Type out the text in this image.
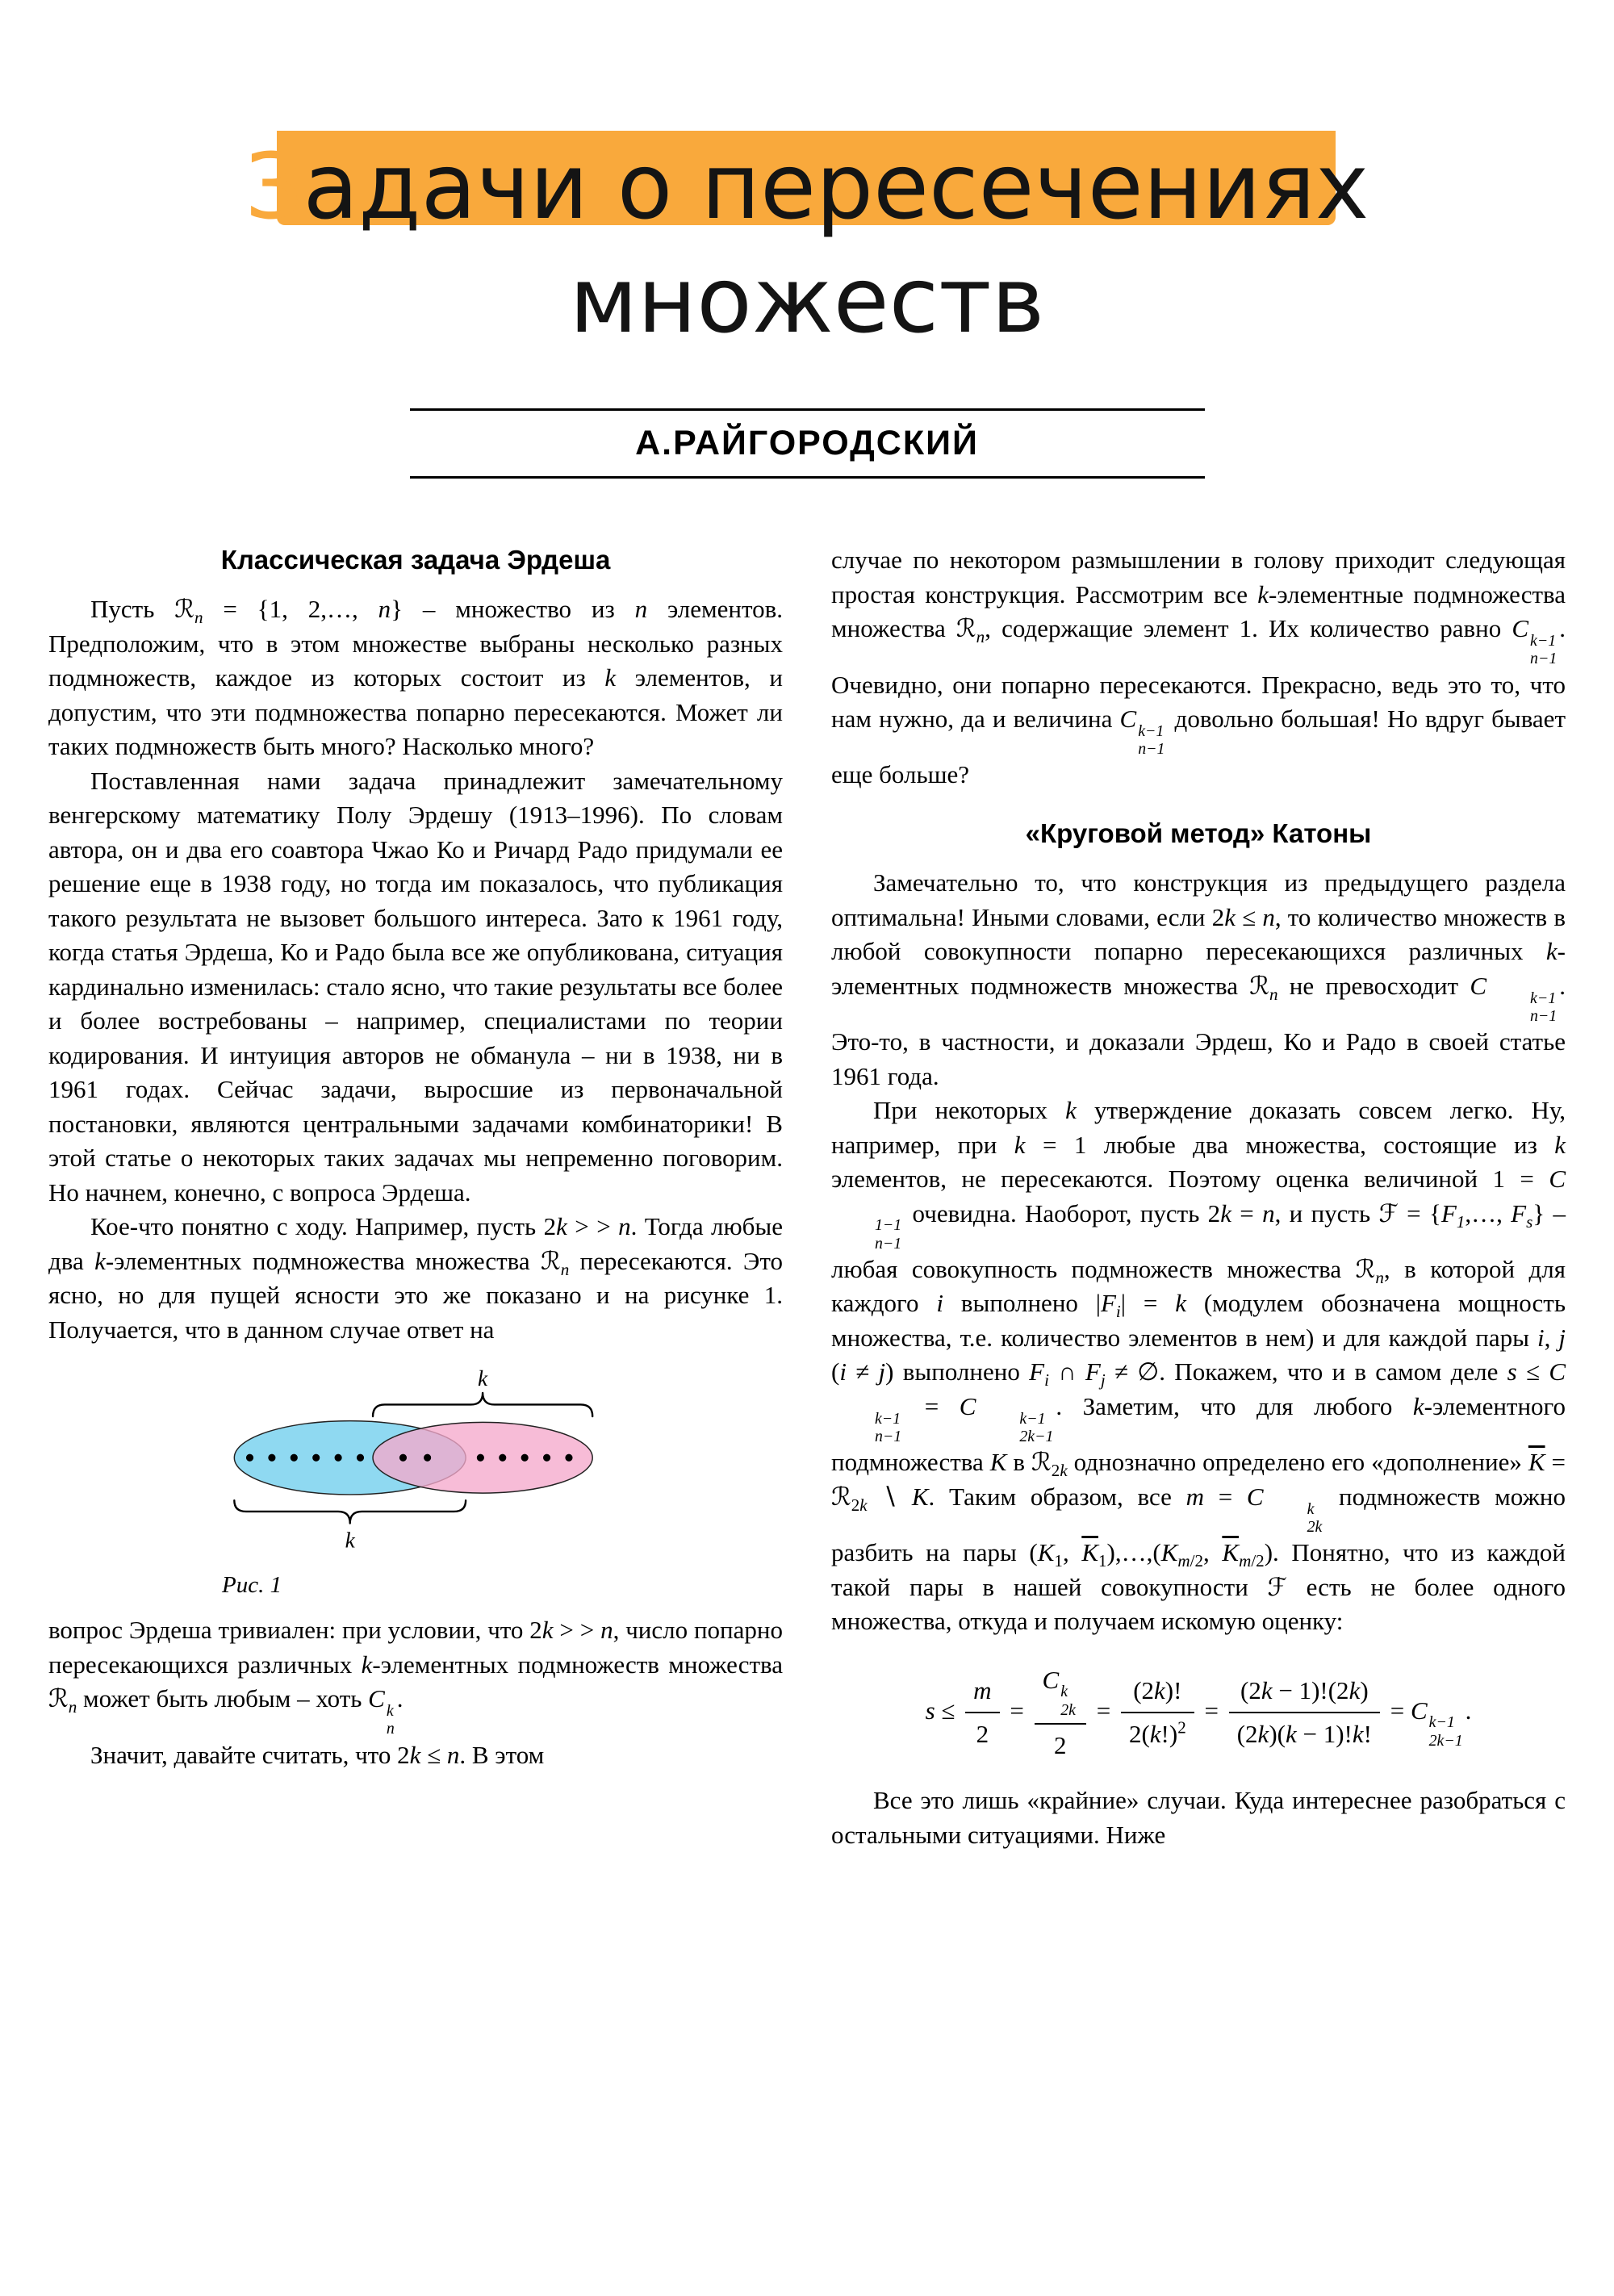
Задачи о пересечениях
множеств
А.РАЙГОРОДСКИЙ
Классическая задача Эрдеша

Пусть ℛ$_n$ = {1, 2,…, n} – множество из n элементов. Предположим, что в этом множестве выбраны несколько разных подмножеств, каждое из которых состоит из k элементов, и допустим, что эти подмножества попарно пересекаются. Может ли таких подмножеств быть много? Насколько много?

Поставленная нами задача принадлежит замечательному венгерскому математику Полу Эрдешу (1913–1996). По словам автора, он и два его соавтора Чжао Ко и Ричард Радо придумали ее решение еще в 1938 году, но тогда им показалось, что публикация такого результата не вызовет большого интереса. Зато к 1961 году, когда статья Эрдеша, Ко и Радо была все же опубликована, ситуация кардинально изменилась: стало ясно, что такие результаты все более и более востребованы – например, специалистами по теории кодирования. И интуиция авторов не обманула – ни в 1938, ни в 1961 годах. Сейчас задачи, выросшие из первоначальной постановки, являются центральными задачами комбинаторики! В этой статье о некоторых таких задачах мы непременно поговорим. Но начнем, конечно, с вопроса Эрдеша.

Кое-что понятно с ходу. Например, пусть 2k > > n. Тогда любые два k-элементных подмножества множества ℛ$_n$ пересекаются. Это ясно, но для пущей ясности это же показано и на рисунке 1. Получается, что в данном случае ответ на

k
k
Рис. 1

вопрос Эрдеша тривиален: при условии, что 2k > > n, число попарно пересекающихся различных k-элементных подмножеств множества ℛ$_n$ может быть любым – хоть C k
n
.

Значит, давайте считать, что 2k ≤ n. В этом

случае по некотором размышлении в голову приходит следующая простая конструкция. Рассмотрим все k-элементные подмножества множества ℛ$_n$, содержащие элемент 1. Их количество равно C k−1
n−1
. Очевидно, они попарно пересекаются. Прекрасно, ведь это то, что нам нужно, да и величина C k−1
n−1
довольно большая! Но вдруг бывает еще больше?

«Круговой метод» Катоны

Замечательно то, что конструкция из предыдущего раздела оптимальна! Иными словами, если 2k ≤ n, то количество множеств в любой совокупности попарно пересекающихся различных k-элементных подмножеств множества ℛ$_n$ не превосходит C	k−1
n−1
. Это-то, в частности, и доказали Эрдеш, Ко и Радо в своей статье 1961 года.

При некоторых k утверждение доказать совсем легко. Ну, например, при k = 1 любые два множества, состоящие из k элементов, не пересекаются. Поэтому оценка величиной 1 = C
1−1
n−1
очевидна. Наоборот, пусть 2k = n, и пусть ℱ = {$F_1,\dots$, $F_s$} – любая совокупность подмножеств множества ℛ$_n$, в которой для каждого i выполнено $|F_i| = k$ (модулем обозначена мощность множества, т.е. количество элементов в нем) и для каждой пары i, j (i ≠ j) выполнено $F_i$ ∩ $F_j$ ≠ ∅. Покажем, что и в самом деле s ≤ C
k−1
n−1
= C	k−1
2k−1
. Заметим, что для любого k-элементного подмножества K в ℛ$_{2k}$ однозначно определено его «дополнение» $\overline{K}$ = ℛ$_{2k}$ ∖ K. Таким образом, все m = C	k
2k
подмножеств можно разбить на пары ($K_1$, $\overline{K}_1),\dots,(K_{m/2}$, $\overline{K}_{m/2}$). Понятно, что из каждой такой пары в нашей совокупности ℱ есть не более одного множества, откуда и получаем искомую оценку:

$s \le \frac{m}{2} = C$ k
2k
$2 = \frac{(2k)!}{2(k!)^2} = \frac{(2k - 1)!(2k)}{(2k)(k - 1)!k!} = C$ k−1
2k−1
.

Все это лишь «крайние» случаи. Куда интереснее разобраться с остальными ситуациями. Ниже
